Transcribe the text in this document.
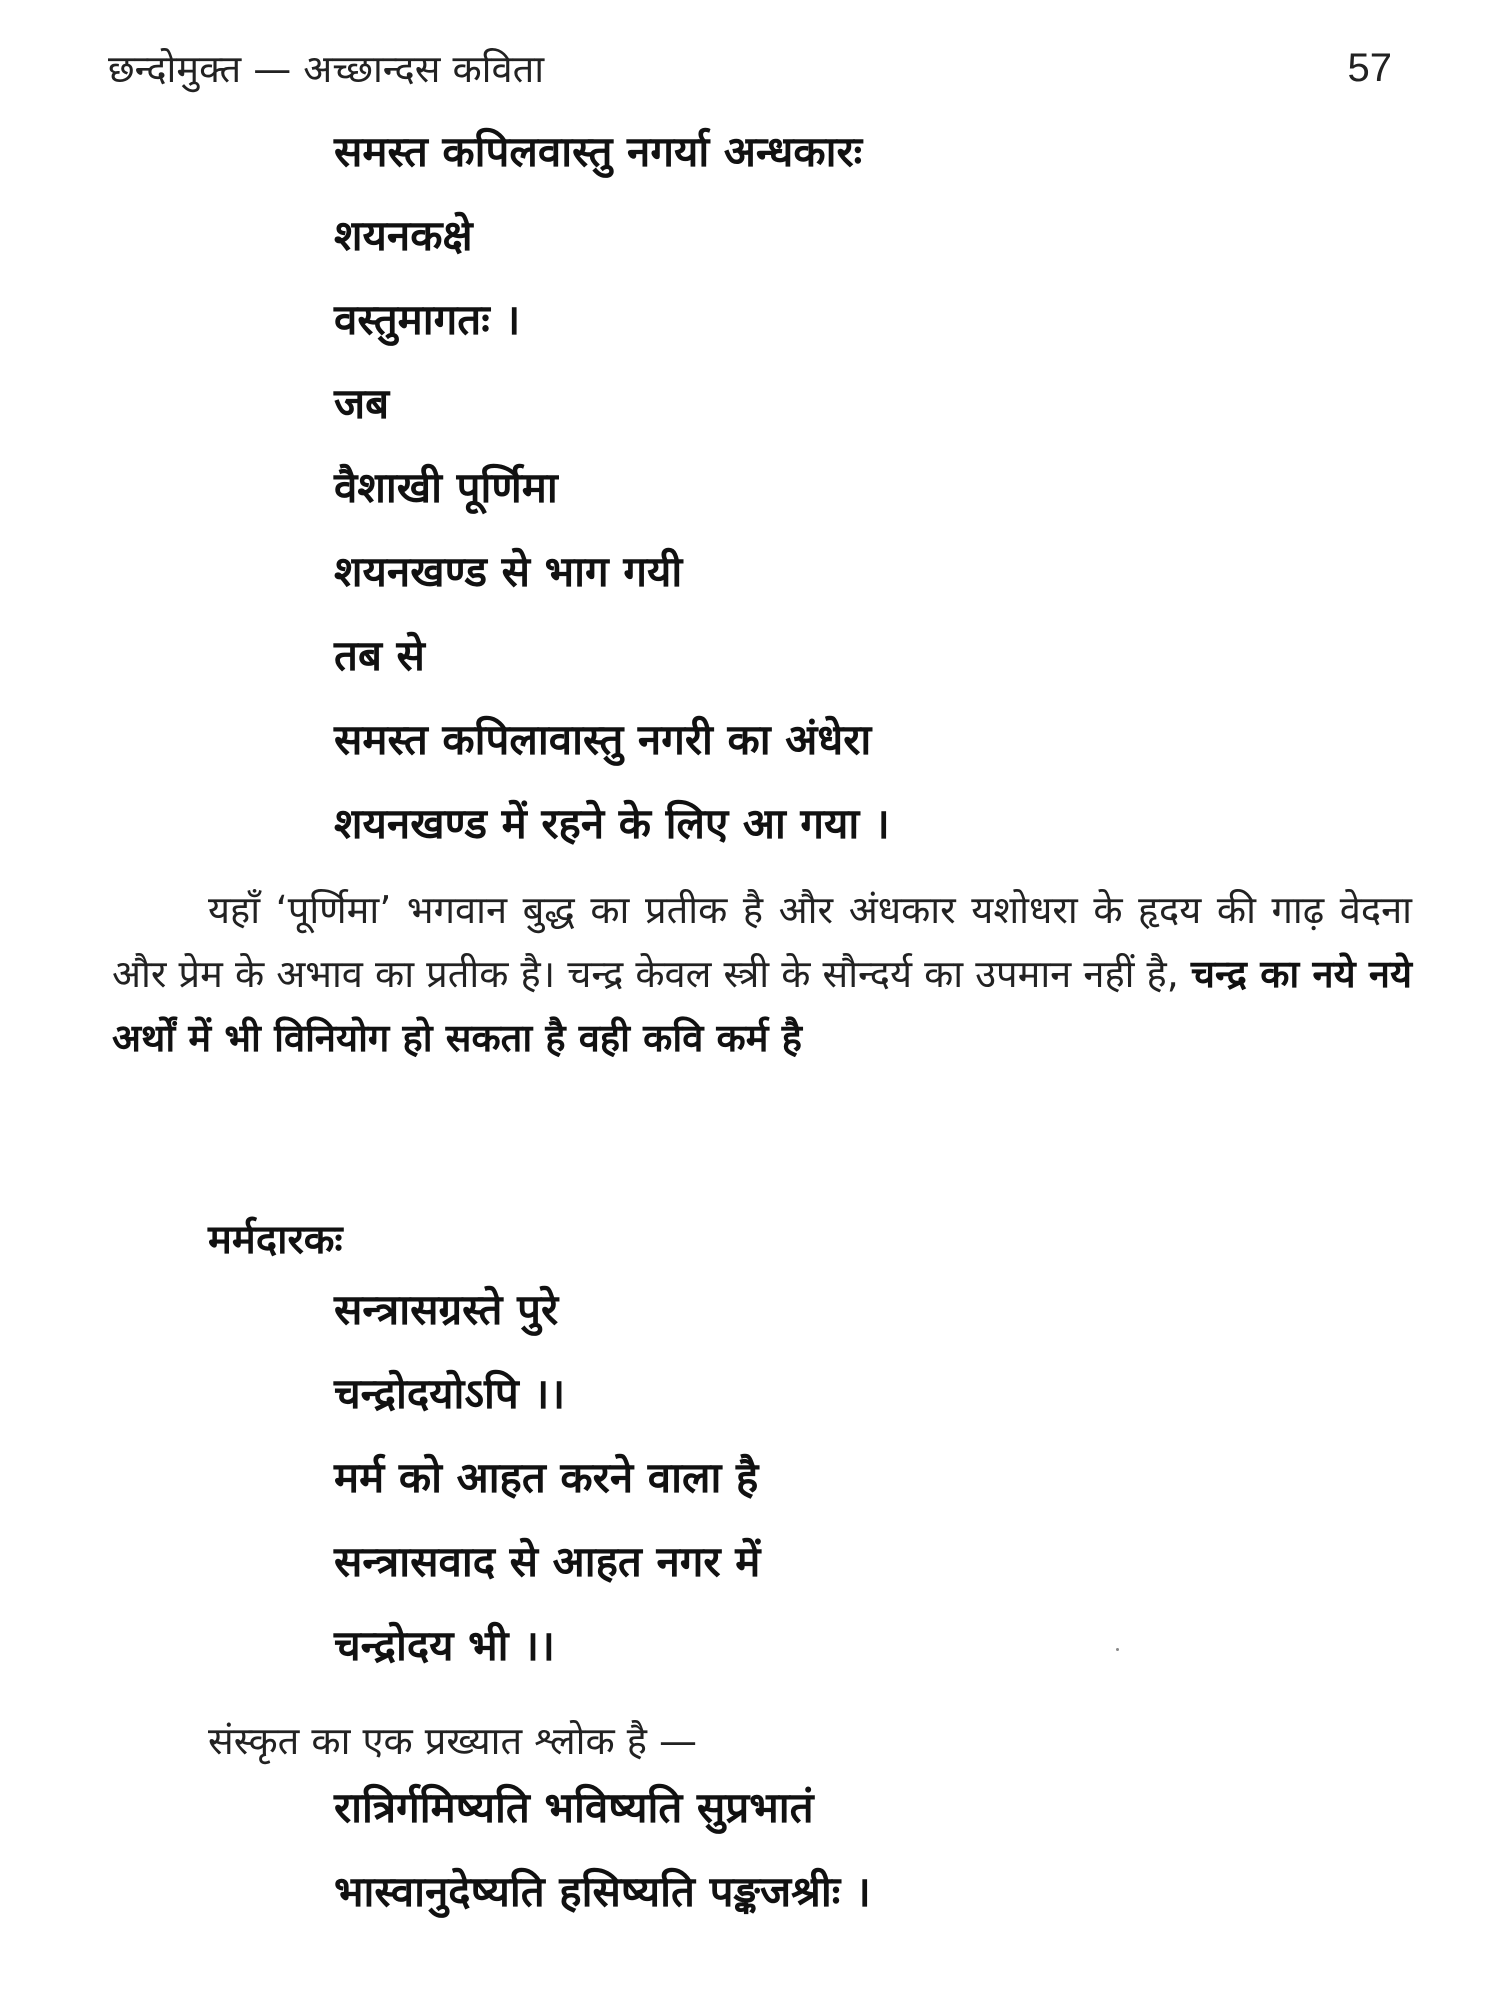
छन्दोमुक्त — अच्छान्दस कविता	57
समस्त कपिलवास्तु नगर्या अन्धकारः
शयनकक्षे
वस्तुमागतः ।
जब
वैशाखी पूर्णिमा
शयनखण्ड से भाग गयी
तब से
समस्त कपिलावास्तु नगरी का अंधेरा
शयनखण्ड में रहने के लिए आ गया ।

यहाँ ‘पूर्णिमा’ भगवान बुद्ध का प्रतीक है और अंधकार यशोधरा के हृदय की गाढ़ वेदना और प्रेम के अभाव का प्रतीक है। चन्द्र केवल स्त्री के सौन्दर्य का उपमान नहीं है, चन्द्र का नये नये अर्थों में भी विनियोग हो सकता है वही कवि कर्म है

मर्मदारकः
सन्त्रासग्रस्ते पुरे
चन्द्रोदयोऽपि ।।
मर्म को आहत करने वाला है
सन्त्रासवाद से आहत नगर में
चन्द्रोदय भी ।।
संस्कृत का एक प्रख्यात श्लोक है —
रात्रिर्गमिष्यति भविष्यति सुप्रभातं
भास्वानुदेष्यति हसिष्यति पङ्कजश्रीः ।
